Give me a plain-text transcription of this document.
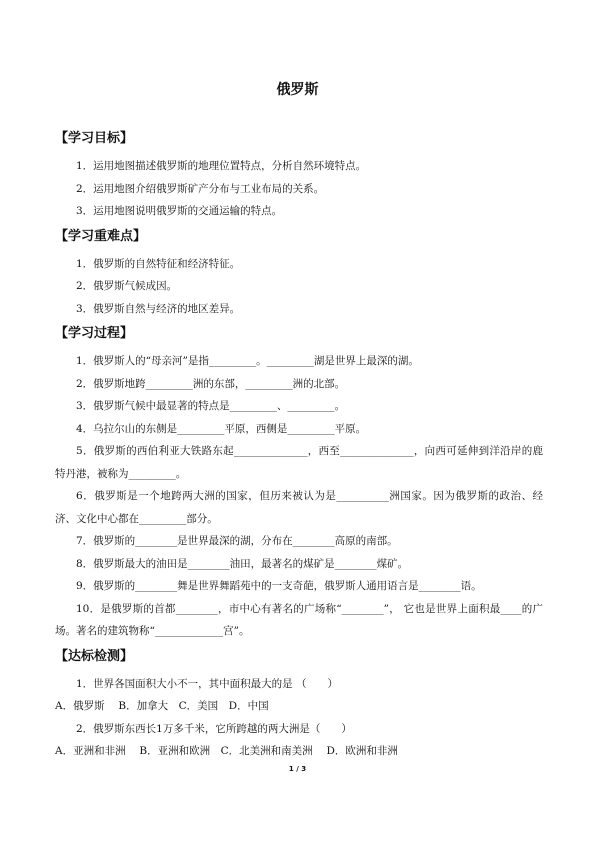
俄罗斯

【学习目标】

1．运用地图描述俄罗斯的地理位置特点，分析自然环境特点。

2．运用地图介绍俄罗斯矿产分布与工业布局的关系。

3．运用地图说明俄罗斯的交通运输的特点。

【学习重难点】

1．俄罗斯的自然特征和经济特征。

2．俄罗斯气候成因。

3．俄罗斯自然与经济的地区差异。

【学习过程】

1．俄罗斯人的“母亲河”是指_________。_________湖是世界上最深的湖。

2．俄罗斯地跨_________洲的东部，_________洲的北部。

3．俄罗斯气候中最显著的特点是_________、_________。

4．乌拉尔山的东侧是_________平原，西侧是_________平原。

5．俄罗斯的西伯利亚大铁路东起______________，西至______________，向西可延伸到洋沿岸的鹿特丹港，被称为_________。

6．俄罗斯是一个地跨两大洲的国家，但历来被认为是__________洲国家。因为俄罗斯的政治、经济、文化中心都在_________部分。

7．俄罗斯的________是世界最深的湖，分布在________高原的南部。

8．俄罗斯最大的油田是________油田，最著名的煤矿是________煤矿。

9．俄罗斯的________舞是世界舞蹈苑中的一支奇葩，俄罗斯人通用语言是________语。

10．是俄罗斯的首都________，市中心有著名的广场称“________”， 它也是世界上面积最____的广场。著名的建筑物称“_____________宫”。

【达标检测】

1．世界各国面积大小不一，其中面积最大的是 （　　）

A．俄罗斯　 B．加拿大　C．美国　D．中国

2．俄罗斯东西长1万多千米，它所跨越的两大洲是（　　）

A．亚洲和非洲　 B．亚洲和欧洲　C．北美洲和南美洲　 D．欧洲和非洲

1 / 3
